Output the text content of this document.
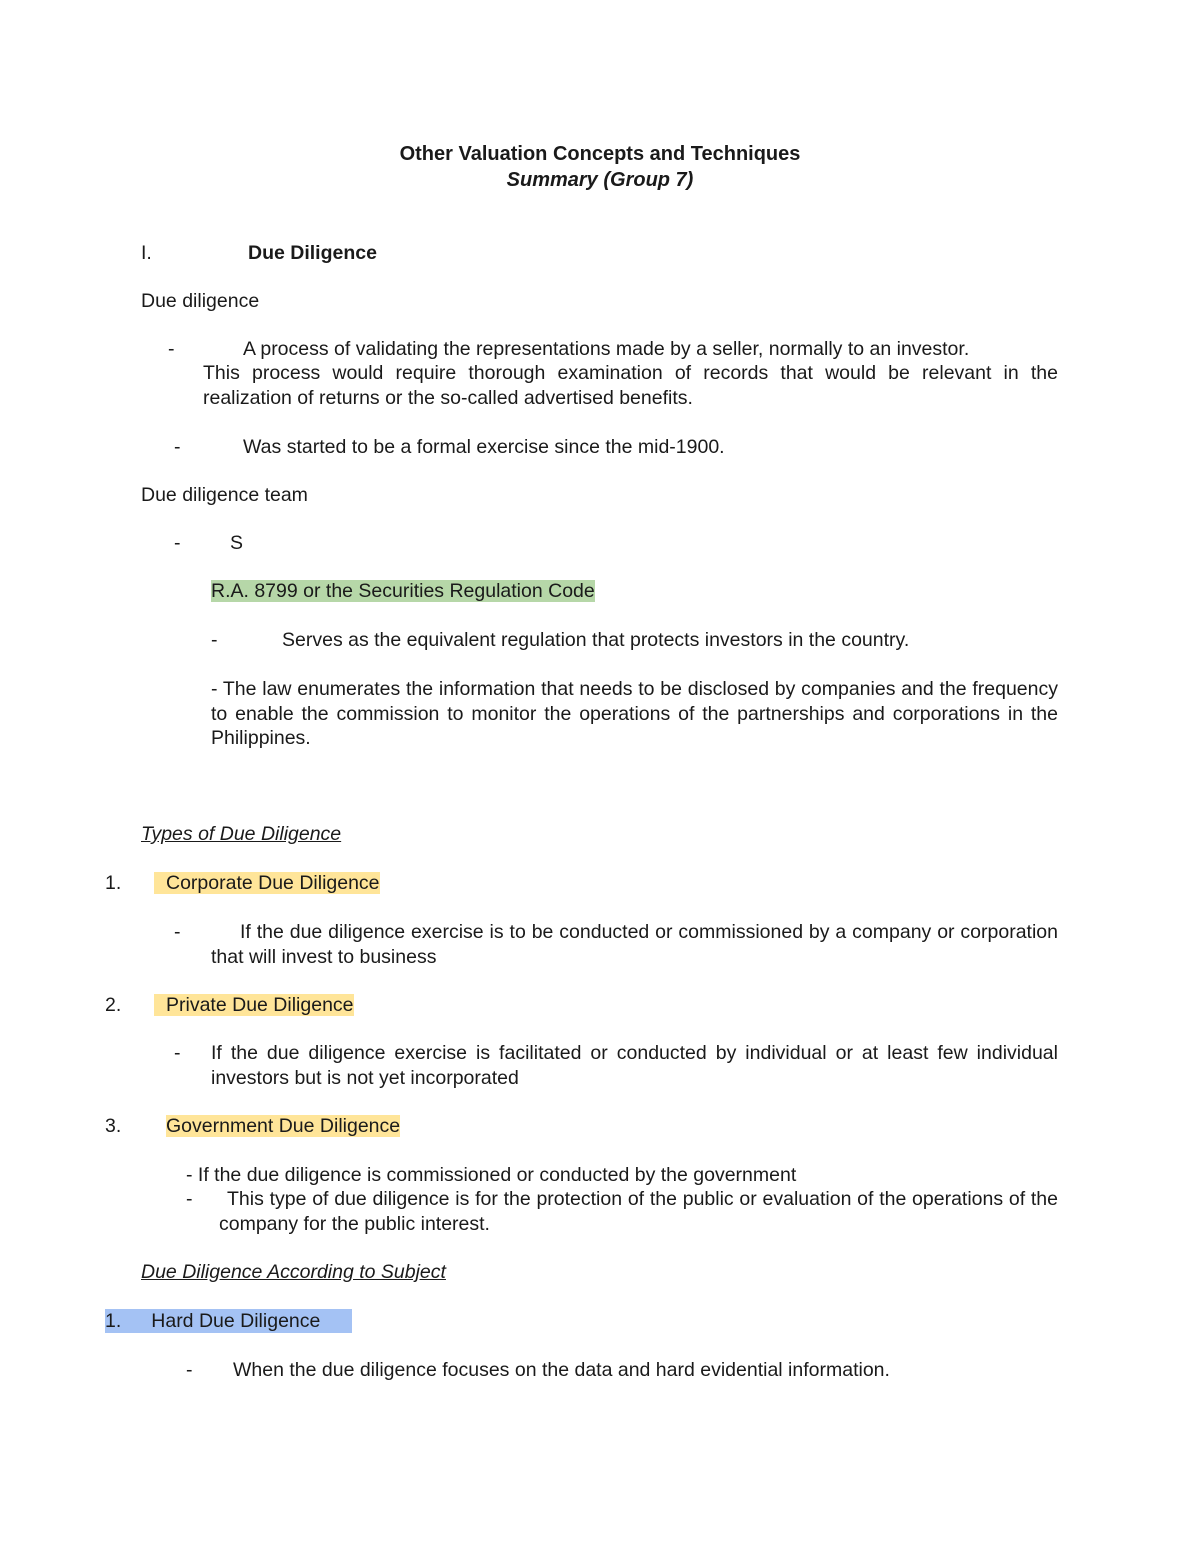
Other Valuation Concepts and Techniques
Summary (Group 7)
I.	Due Diligence
Due diligence
-	A process of validating the representations made by a seller, normally to an investor.
This process would require thorough examination of records that would be relevant in the realization of returns or the so-called advertised benefits.
-	Was started to be a formal exercise since the mid-1900.
Due diligence team
-	S
R.A. 8799 or the Securities Regulation Code
-	Serves as the equivalent regulation that protects investors in the country.
- The law enumerates the information that needs to be disclosed by companies and the frequency to enable the commission to monitor the operations of the partnerships and corporations in the Philippines.
Types of Due Diligence
1.	Corporate Due Diligence
-	If the due diligence exercise is to be conducted or commissioned by a company or corporation that will invest to business
2.	Private Due Diligence
- If the due diligence exercise is facilitated or conducted by individual or at least few individual investors but is not yet incorporated
3. Government Due Diligence
- If the due diligence is commissioned or conducted by the government
-	This type of due diligence is for the protection of the public or evaluation of the operations of the company for the public interest.
Due Diligence According to Subject
1. Hard Due Diligence
- When the due diligence focuses on the data and hard evidential information.
